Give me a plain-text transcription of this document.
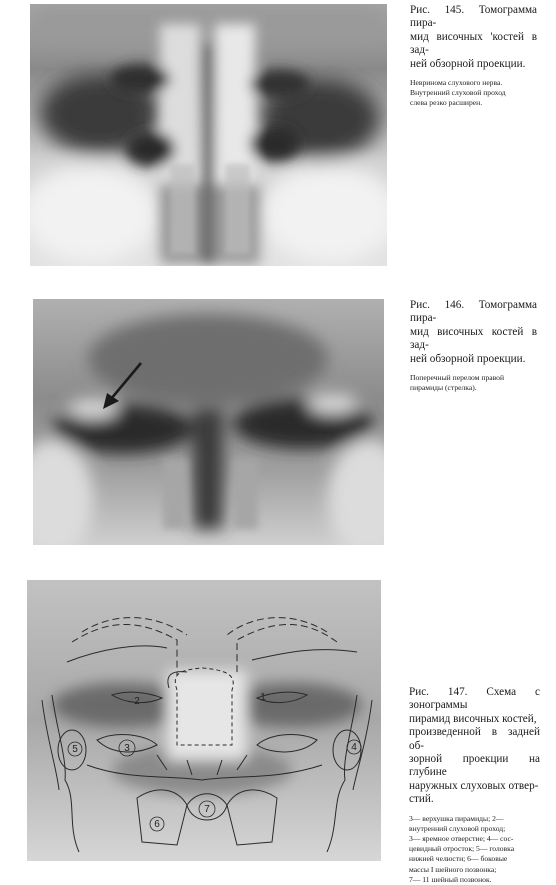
Рис. 145. Томограмма пира-
мид височных 'костей в зад-
ней обзорной проекции.
Невринома слухового нерва.
Внутренний слуховой проход
слева резко расширен.
Рис. 146. Томограмма пира-
мид височных костей в зад-
ней обзорной проекции.
Поперечный перелом правой
пирамиды (стрелка).
1
2
3	4
5
6
7
Рис. 147. Схема с зонограммы
пирамид височных костей,
произведенной в задней об-
зорной проекции на глубине
наружных слуховых отвер-
стий.
3— верхушка пирамиды; 2—
внутренний слуховой проход;
3— яремное отверстие; 4— сос-
цевидный отросток; 5— головка
нижней челюсти; 6— боковые
массы I шейного позвонка;
7— 11 шейный позвонок.
